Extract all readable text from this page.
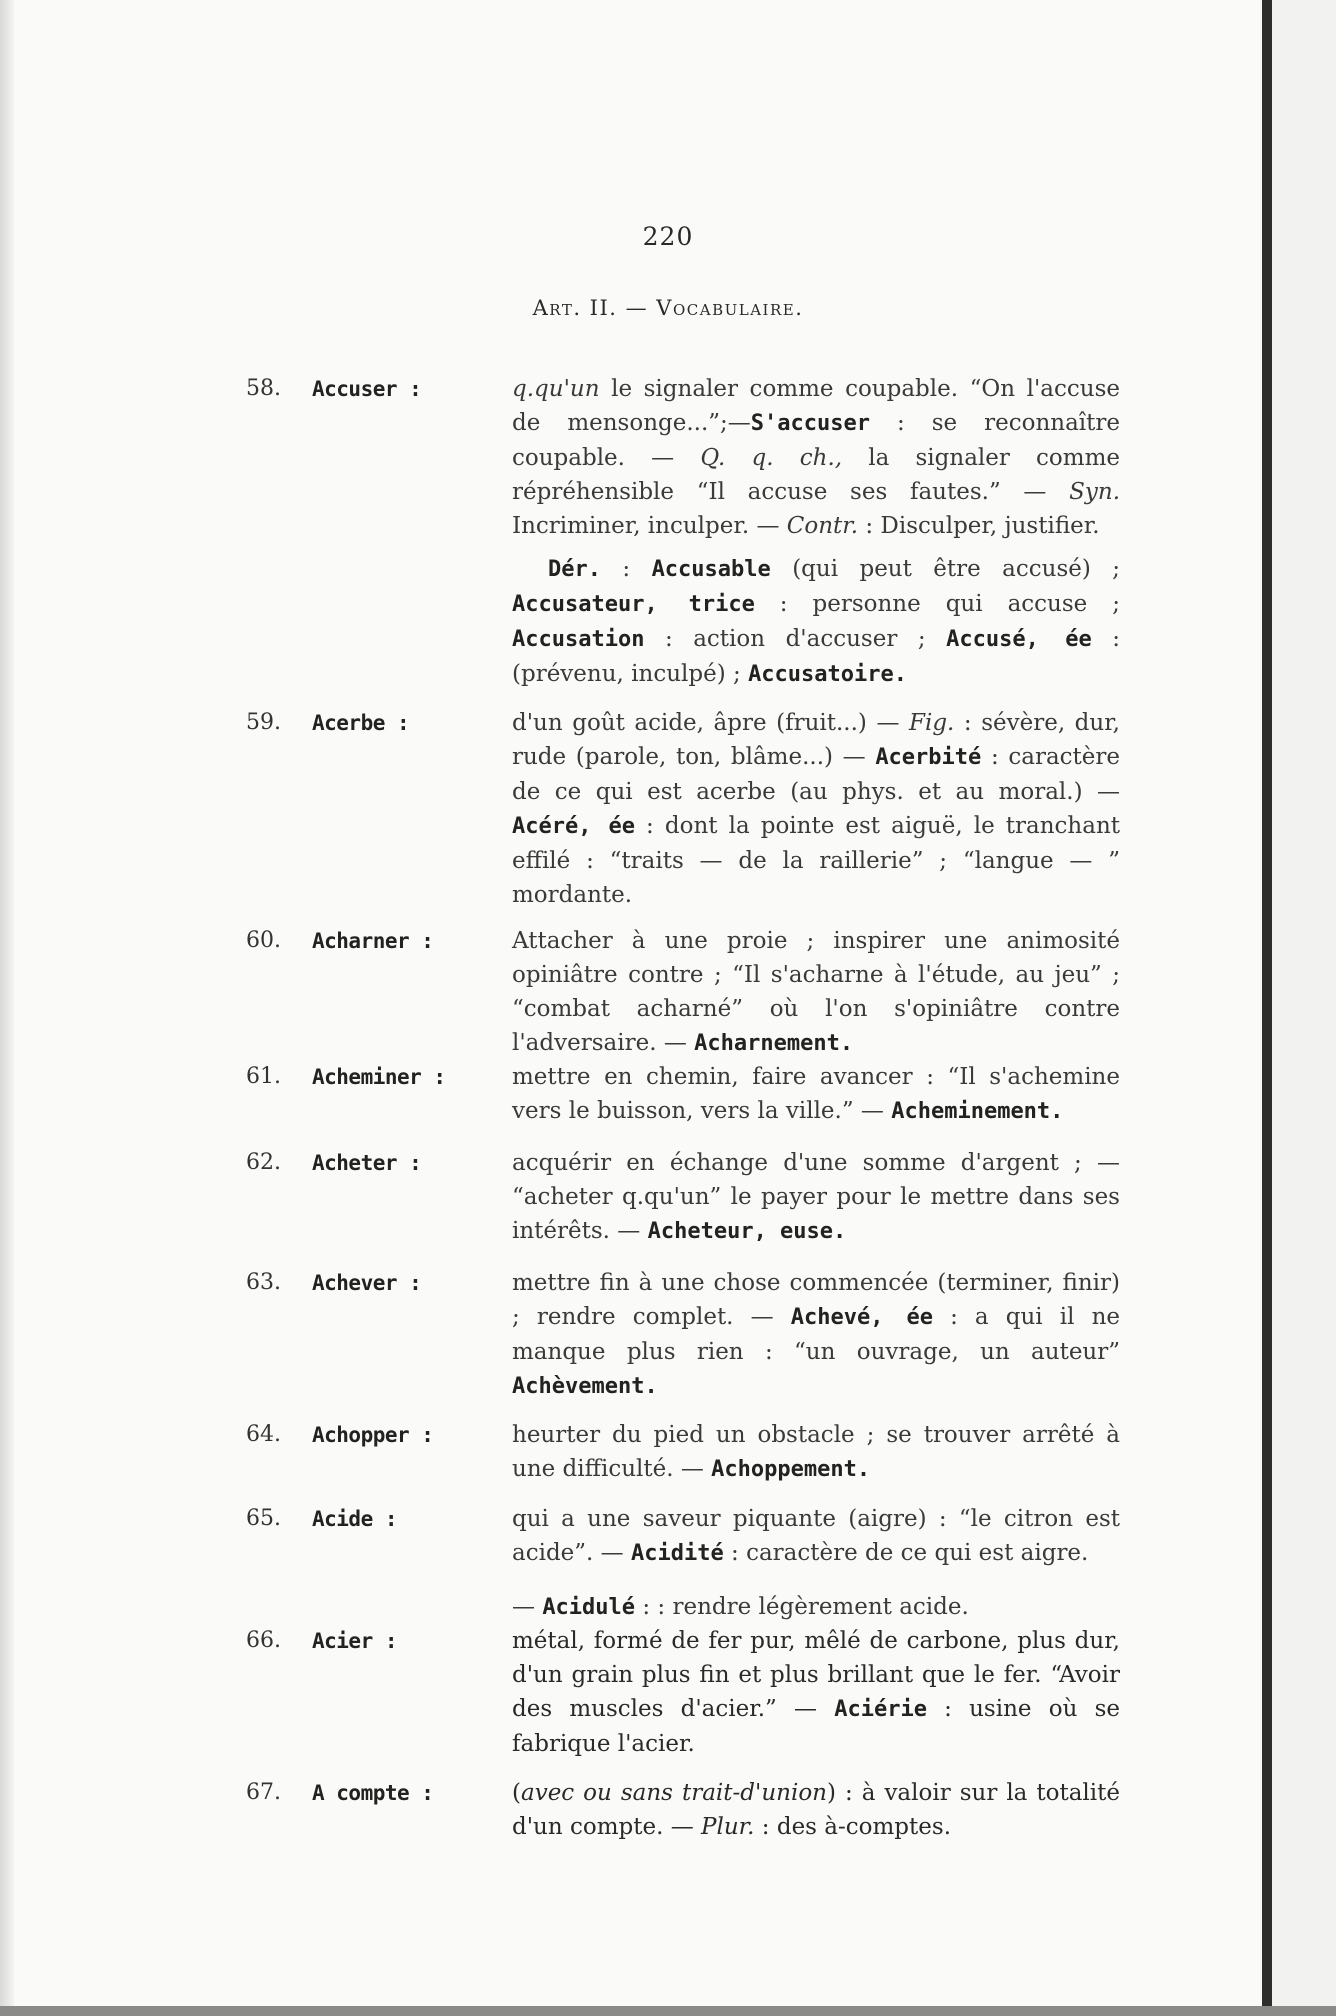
220
Art. II. — Vocabulaire.
58.	Accuser :	q.qu'un le signaler comme coupable. “On l'accuse de mensonge...”;—S'accuser : se reconnaître coupable. — Q. q. ch., la signaler comme répréhensible “Il accuse ses fautes.” — Syn. Incriminer, inculper. — Contr. : Disculper, justifier.
Dér. : Accusable (qui peut être accusé) ; Accusateur, trice : personne qui accuse ; Accusation : action d'accuser ; Accusé, ée : (prévenu, inculpé) ; Accusatoire.
59.	Acerbe :	d'un goût acide, âpre (fruit...) — Fig. : sévère, dur, rude (parole, ton, blâme...) — Acerbité : caractère de ce qui est acerbe (au phys. et au moral.) — Acéré, ée : dont la pointe est aiguë, le tranchant effilé : “traits — de la raillerie” ; “langue — ” mordante.
60.	Acharner :	Attacher à une proie ; inspirer une animosité opiniâtre contre ; “Il s'acharne à l'étude, au jeu” ; “combat acharné” où l'on s'opiniâtre contre l'adversaire. — Acharnement.
61.	Acheminer :	mettre en chemin, faire avancer : “Il s'achemine vers le buisson, vers la ville.” — Acheminement.
62.	Acheter :	acquérir en échange d'une somme d'argent ; — “acheter q.qu'un” le payer pour le mettre dans ses intérêts. — Acheteur, euse.
63.	Achever :	mettre fin à une chose commencée (terminer, finir) ; rendre complet. — Achevé, ée : a qui il ne manque plus rien : “un ouvrage, un auteur” Achèvement.
64.	Achopper :	heurter du pied un obstacle ; se trouver arrêté à une difficulté. — Achoppement.
65.	Acide :	qui a une saveur piquante (aigre) : “le citron est acide”. — Acidité : caractère de ce qui est aigre.
— Acidulé : : rendre légèrement acide.
66.	Acier :	métal, formé de fer pur, mêlé de carbone, plus dur, d'un grain plus fin et plus brillant que le fer. “Avoir des muscles d'acier.” — Aciérie : usine où se fabrique l'acier.
67.	A compte :	(avec ou sans trait-d'union) : à valoir sur la totalité d'un compte. — Plur. : des à-comptes.
